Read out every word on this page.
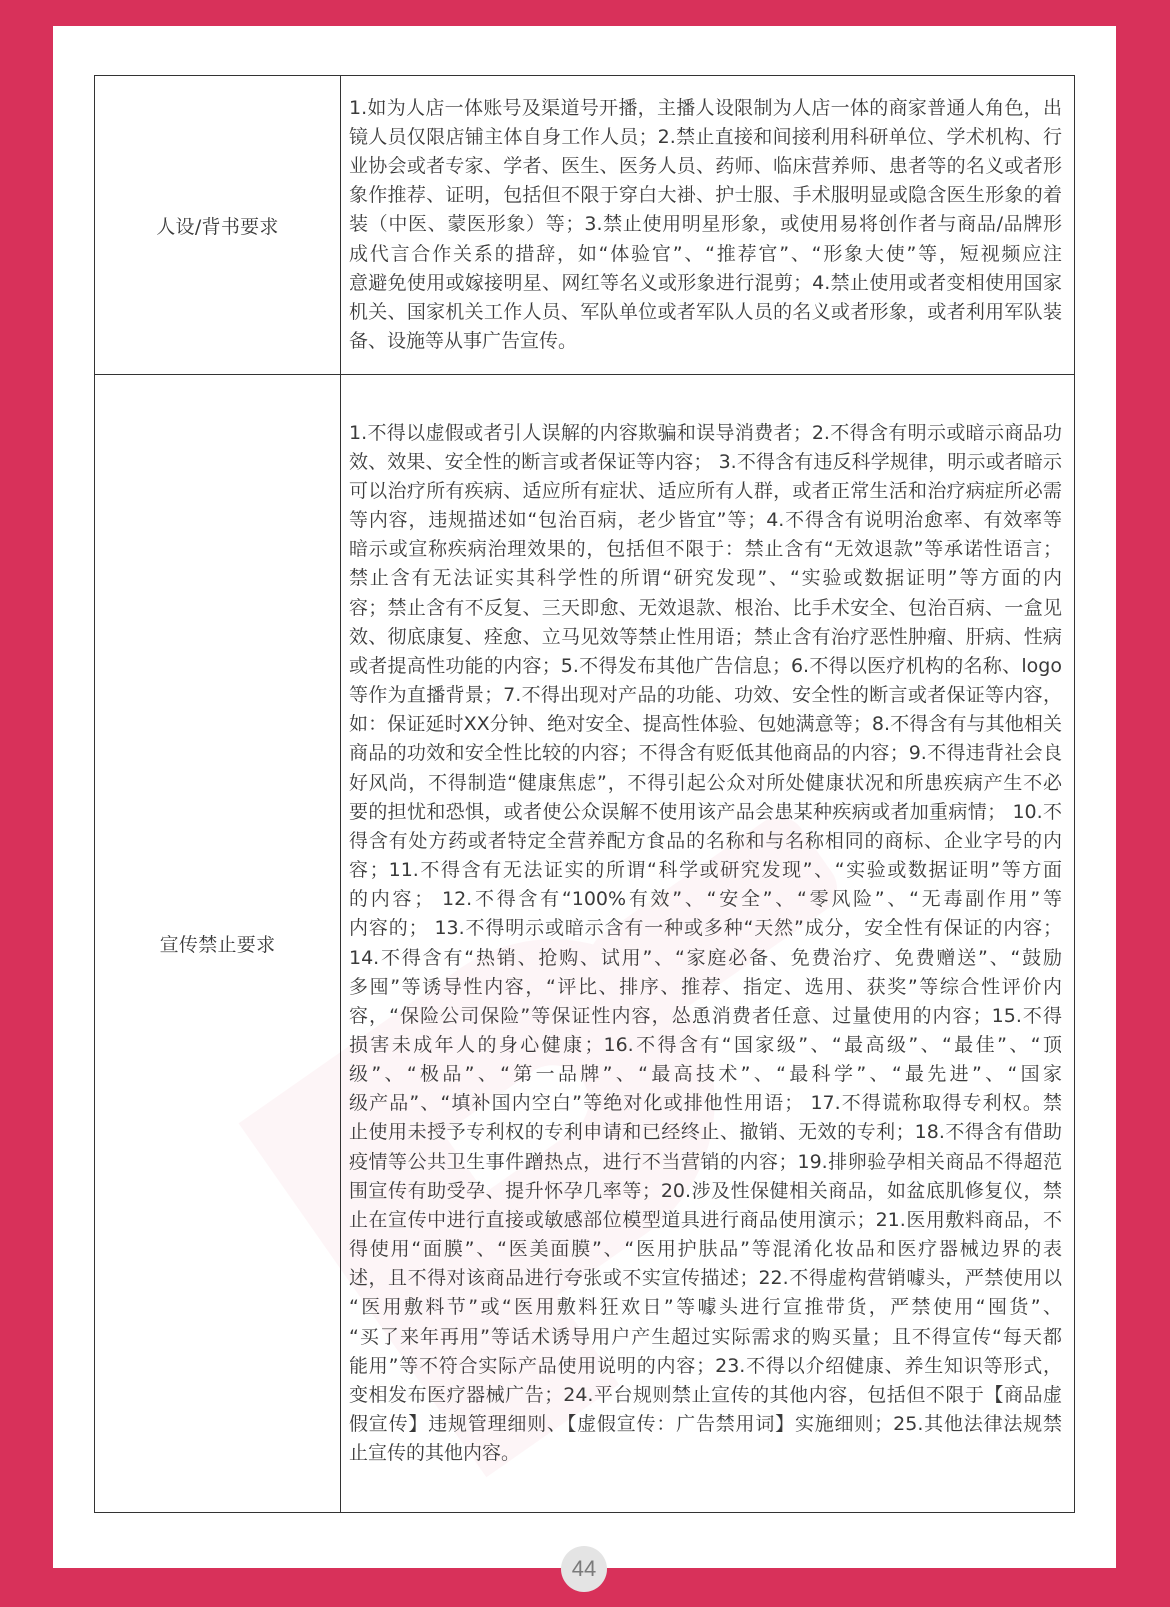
人设/背书要求
1.如为人店一体账号及渠道号开播，主播人设限制为人店一体的商家普通人角色，出
镜人员仅限店铺主体自身工作人员；2.禁止直接和间接利用科研单位、学术机构、行
业协会或者专家、学者、医生、医务人员、药师、临床营养师、患者等的名义或者形
象作推荐、证明，包括但不限于穿白大褂、护士服、手术服明显或隐含医生形象的着
装（中医、蒙医形象）等；3.禁止使用明星形象，或使用易将创作者与商品/品牌形
成代言合作关系的措辞，如“体验官”、“推荐官”、“形象大使”等，短视频应注
意避免使用或嫁接明星、网红等名义或形象进行混剪；4.禁止使用或者变相使用国家
机关、国家机关工作人员、军队单位或者军队人员的名义或者形象，或者利用军队装
备、设施等从事广告宣传。
宣传禁止要求
1.不得以虚假或者引人误解的内容欺骗和误导消费者；2.不得含有明示或暗示商品功
效、效果、安全性的断言或者保证等内容； 3.不得含有违反科学规律，明示或者暗示
可以治疗所有疾病、适应所有症状、适应所有人群，或者正常生活和治疗病症所必需
等内容，违规描述如“包治百病，老少皆宜”等；4.不得含有说明治愈率、有效率等
暗示或宣称疾病治理效果的，包括但不限于：禁止含有“无效退款”等承诺性语言；
禁止含有无法证实其科学性的所谓“研究发现”、“实验或数据证明”等方面的内
容；禁止含有不反复、三天即愈、无效退款、根治、比手术安全、包治百病、一盒见
效、彻底康复、痊愈、立马见效等禁止性用语；禁止含有治疗恶性肿瘤、肝病、性病
或者提高性功能的内容；5.不得发布其他广告信息；6.不得以医疗机构的名称、logo
等作为直播背景；7.不得出现对产品的功能、功效、安全性的断言或者保证等内容，
如：保证延时XX分钟、绝对安全、提高性体验、包她满意等；8.不得含有与其他相关
商品的功效和安全性比较的内容；不得含有贬低其他商品的内容；9.不得违背社会良
好风尚，不得制造“健康焦虑”，不得引起公众对所处健康状况和所患疾病产生不必
要的担忧和恐惧，或者使公众误解不使用该产品会患某种疾病或者加重病情； 10.不
得含有处方药或者特定全营养配方食品的名称和与名称相同的商标、企业字号的内
容；11.不得含有无法证实的所谓“科学或研究发现”、“实验或数据证明”等方面
的内容； 12.不得含有“100%有效”、“安全”、“零风险”、“无毒副作用”等
内容的； 13.不得明示或暗示含有一种或多种“天然”成分，安全性有保证的内容；
14.不得含有“热销、抢购、试用”、“家庭必备、免费治疗、免费赠送”、“鼓励
多囤”等诱导性内容，“评比、排序、推荐、指定、选用、获奖”等综合性评价内
容，“保险公司保险”等保证性内容，怂恿消费者任意、过量使用的内容；15.不得
损害未成年人的身心健康；16.不得含有“国家级”、“最高级”、“最佳”、“顶
级”、“极品”、“第一品牌”、“最高技术”、“最科学”、“最先进”、“国家
级产品”、“填补国内空白”等绝对化或排他性用语； 17.不得谎称取得专利权。禁
止使用未授予专利权的专利申请和已经终止、撤销、无效的专利；18.不得含有借助
疫情等公共卫生事件蹭热点，进行不当营销的内容；19.排卵验孕相关商品不得超范
围宣传有助受孕、提升怀孕几率等；20.涉及性保健相关商品，如盆底肌修复仪，禁
止在宣传中进行直接或敏感部位模型道具进行商品使用演示；21.医用敷料商品，不
得使用“面膜”、“医美面膜”、“医用护肤品”等混淆化妆品和医疗器械边界的表
述，且不得对该商品进行夸张或不实宣传描述；22.不得虚构营销噱头，严禁使用以
“医用敷料节”或“医用敷料狂欢日”等噱头进行宣推带货，严禁使用“囤货”、
“买了来年再用”等话术诱导用户产生超过实际需求的购买量；且不得宣传“每天都
能用”等不符合实际产品使用说明的内容；23.不得以介绍健康、养生知识等形式，
变相发布医疗器械广告；24.平台规则禁止宣传的其他内容，包括但不限于【商品虚
假宣传】违规管理细则、【虚假宣传：广告禁用词】实施细则；25.其他法律法规禁
止宣传的其他内容。
44
